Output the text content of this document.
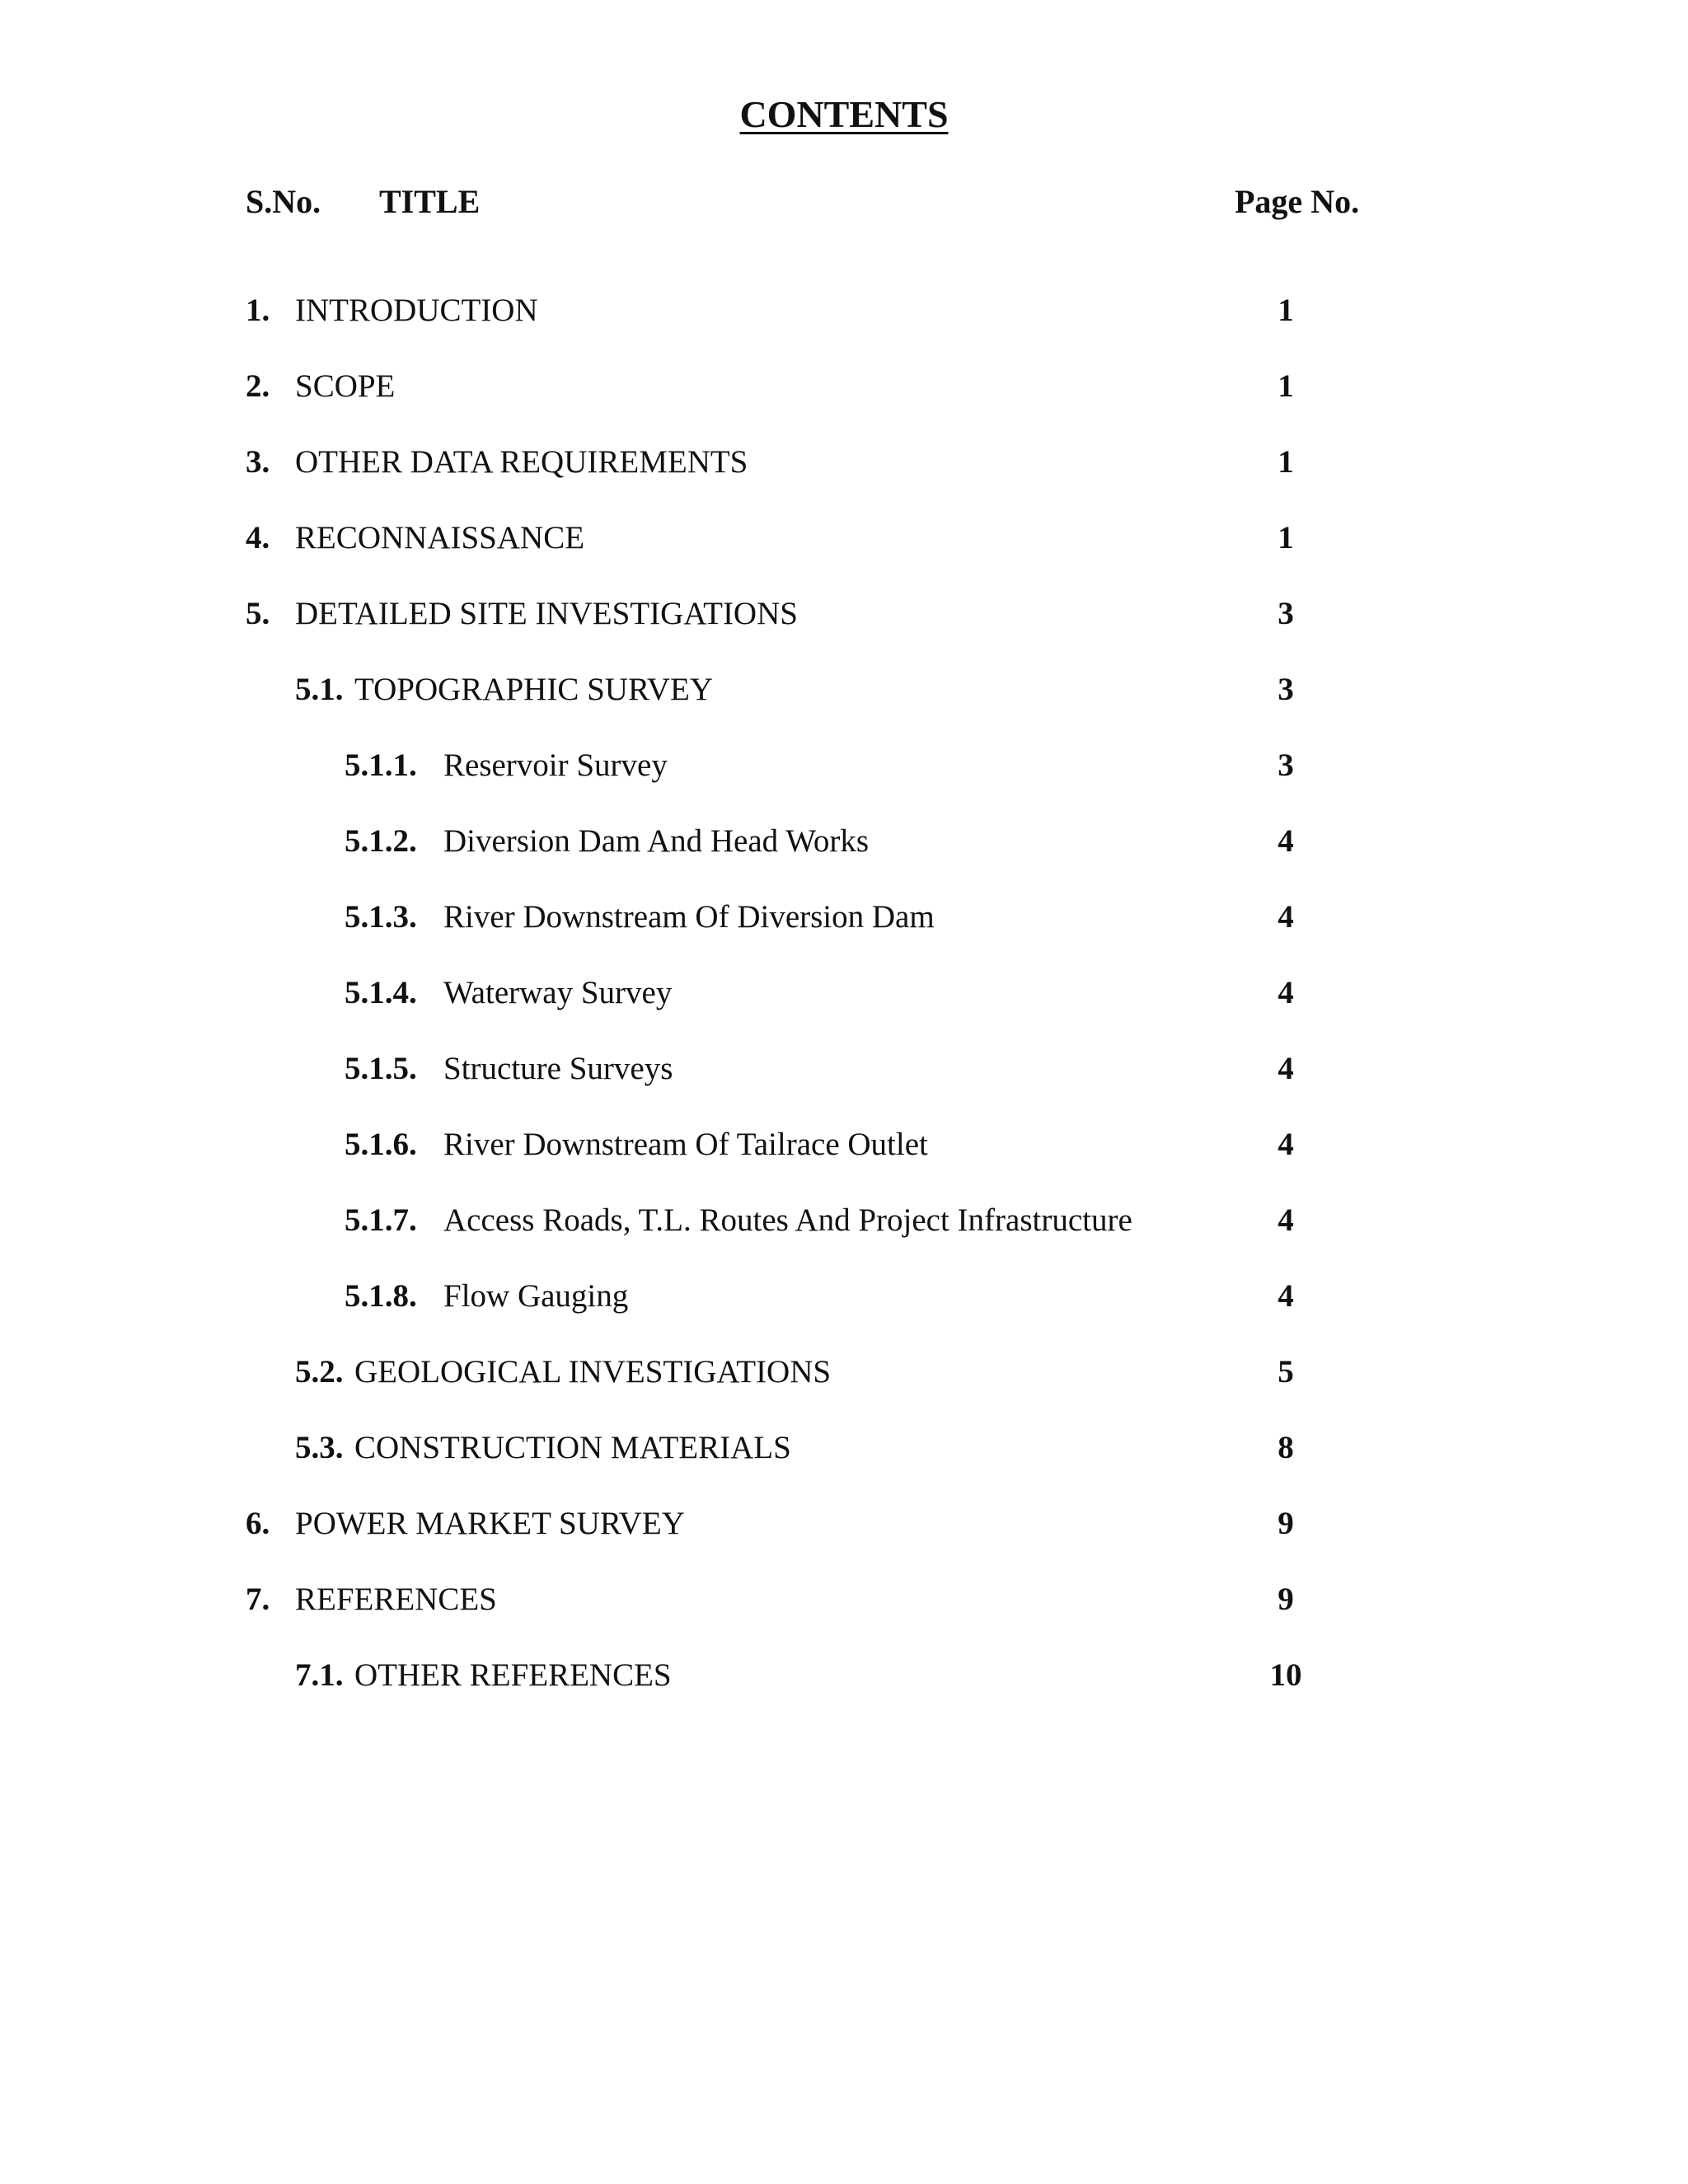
CONTENTS
S.No. TITLE	Page No.
1. INTRODUCTION	1
2. SCOPE	1
3. OTHER DATA REQUIREMENTS	1
4. RECONNAISSANCE	1
5. DETAILED SITE INVESTIGATIONS	3
5.1. TOPOGRAPHIC SURVEY	3
5.1.1. Reservoir Survey	3
5.1.2. Diversion Dam And Head Works	4
5.1.3. River Downstream Of Diversion Dam	4
5.1.4. Waterway Survey	4
5.1.5. Structure Surveys	4
5.1.6. River Downstream Of Tailrace Outlet	4
5.1.7. Access Roads, T.L. Routes And Project Infrastructure	4
5.1.8. Flow Gauging	4
5.2. GEOLOGICAL INVESTIGATIONS	5
5.3. CONSTRUCTION MATERIALS	8
6. POWER MARKET SURVEY	9
7. REFERENCES	9
7.1. OTHER REFERENCES	10
